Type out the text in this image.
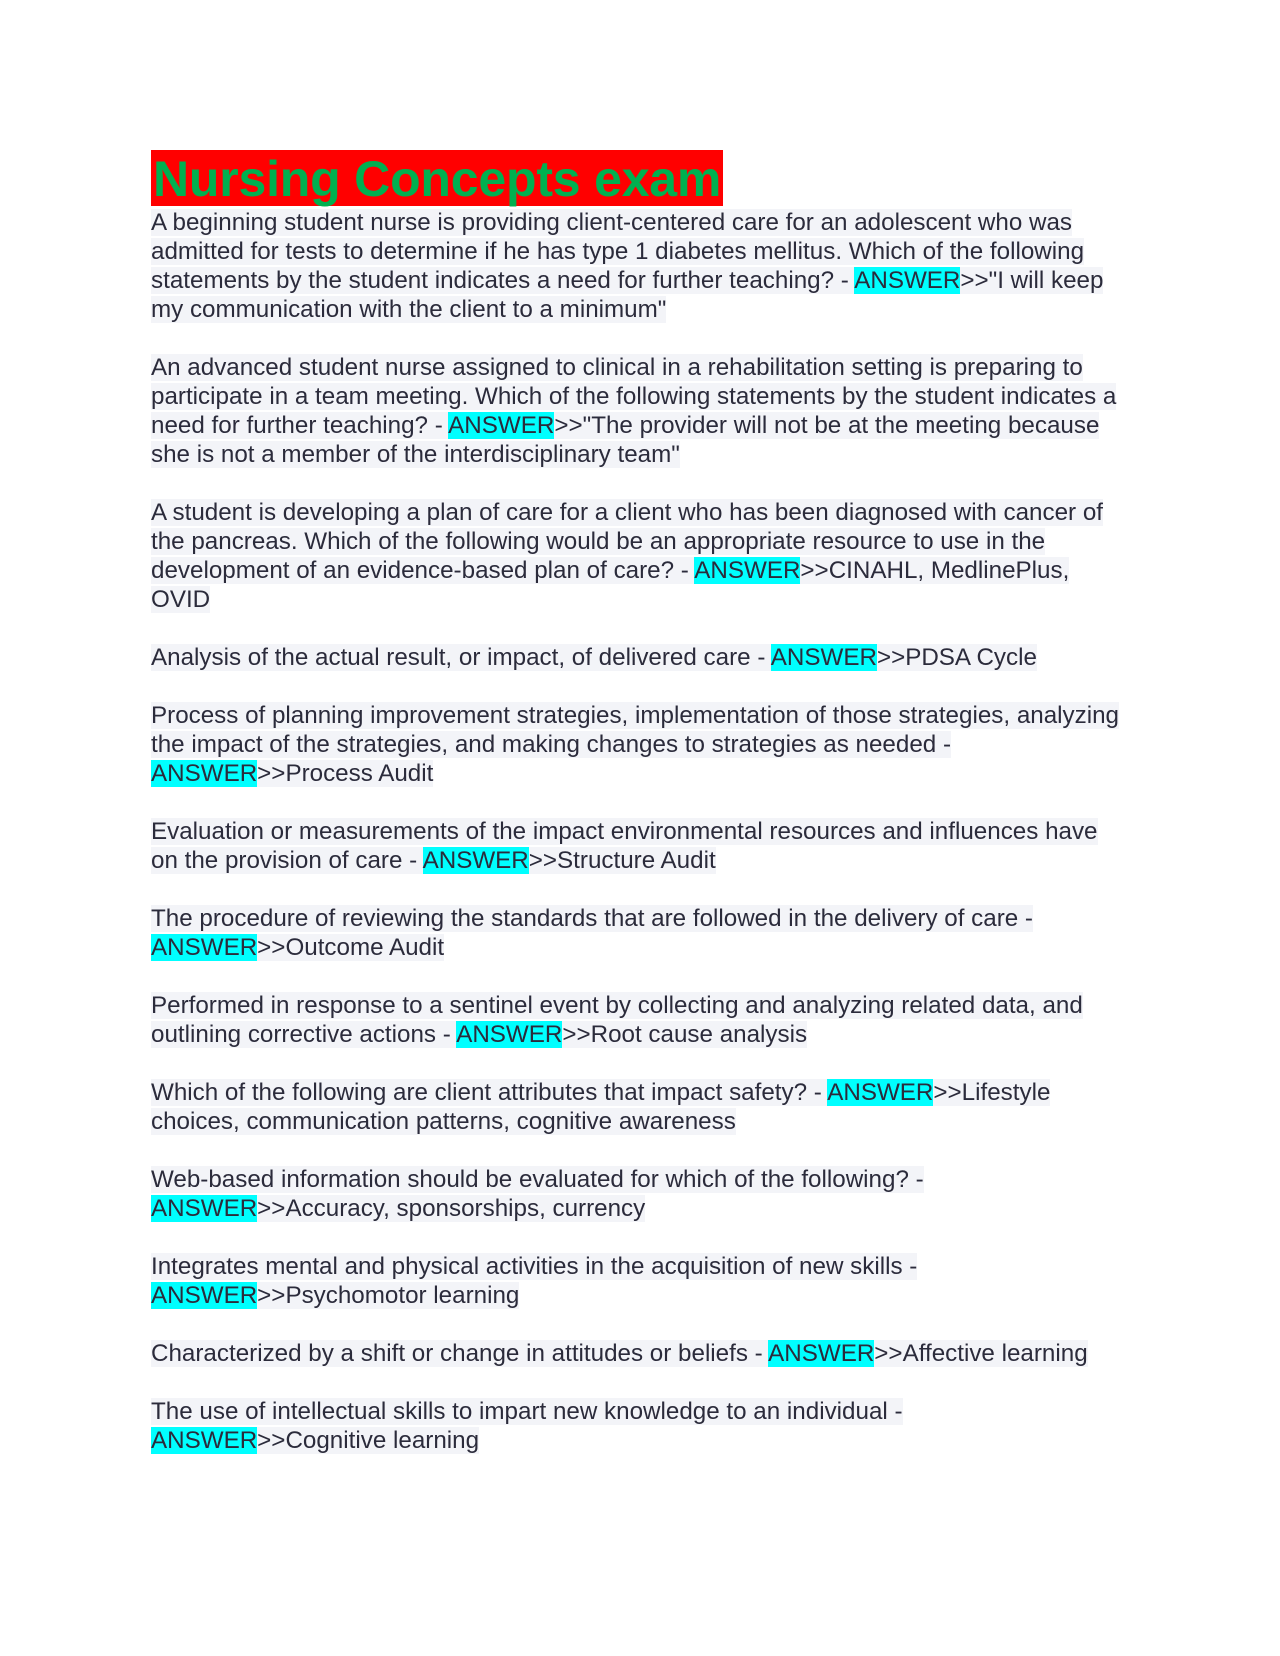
Nursing Concepts exam

A beginning student nurse is providing client-centered care for an adolescent who was admitted for tests to determine if he has type 1 diabetes mellitus. Which of the following statements by the student indicates a need for further teaching? - ANSWER>>"I will keep my communication with the client to a minimum"

An advanced student nurse assigned to clinical in a rehabilitation setting is preparing to participate in a team meeting. Which of the following statements by the student indicates a need for further teaching? - ANSWER>>"The provider will not be at the meeting because she is not a member of the interdisciplinary team"

A student is developing a plan of care for a client who has been diagnosed with cancer of the pancreas. Which of the following would be an appropriate resource to use in the development of an evidence-based plan of care? - ANSWER>>CINAHL, MedlinePlus, OVID

Analysis of the actual result, or impact, of delivered care - ANSWER>>PDSA Cycle

Process of planning improvement strategies, implementation of those strategies, analyzing the impact of the strategies, and making changes to strategies as needed - ANSWER>>Process Audit

Evaluation or measurements of the impact environmental resources and influences have on the provision of care - ANSWER>>Structure Audit

The procedure of reviewing the standards that are followed in the delivery of care - ANSWER>>Outcome Audit

Performed in response to a sentinel event by collecting and analyzing related data, and outlining corrective actions - ANSWER>>Root cause analysis

Which of the following are client attributes that impact safety? - ANSWER>>Lifestyle choices, communication patterns, cognitive awareness

Web-based information should be evaluated for which of the following? - ANSWER>>Accuracy, sponsorships, currency

Integrates mental and physical activities in the acquisition of new skills - ANSWER>>Psychomotor learning

Characterized by a shift or change in attitudes or beliefs - ANSWER>>Affective learning

The use of intellectual skills to impart new knowledge to an individual - ANSWER>>Cognitive learning
